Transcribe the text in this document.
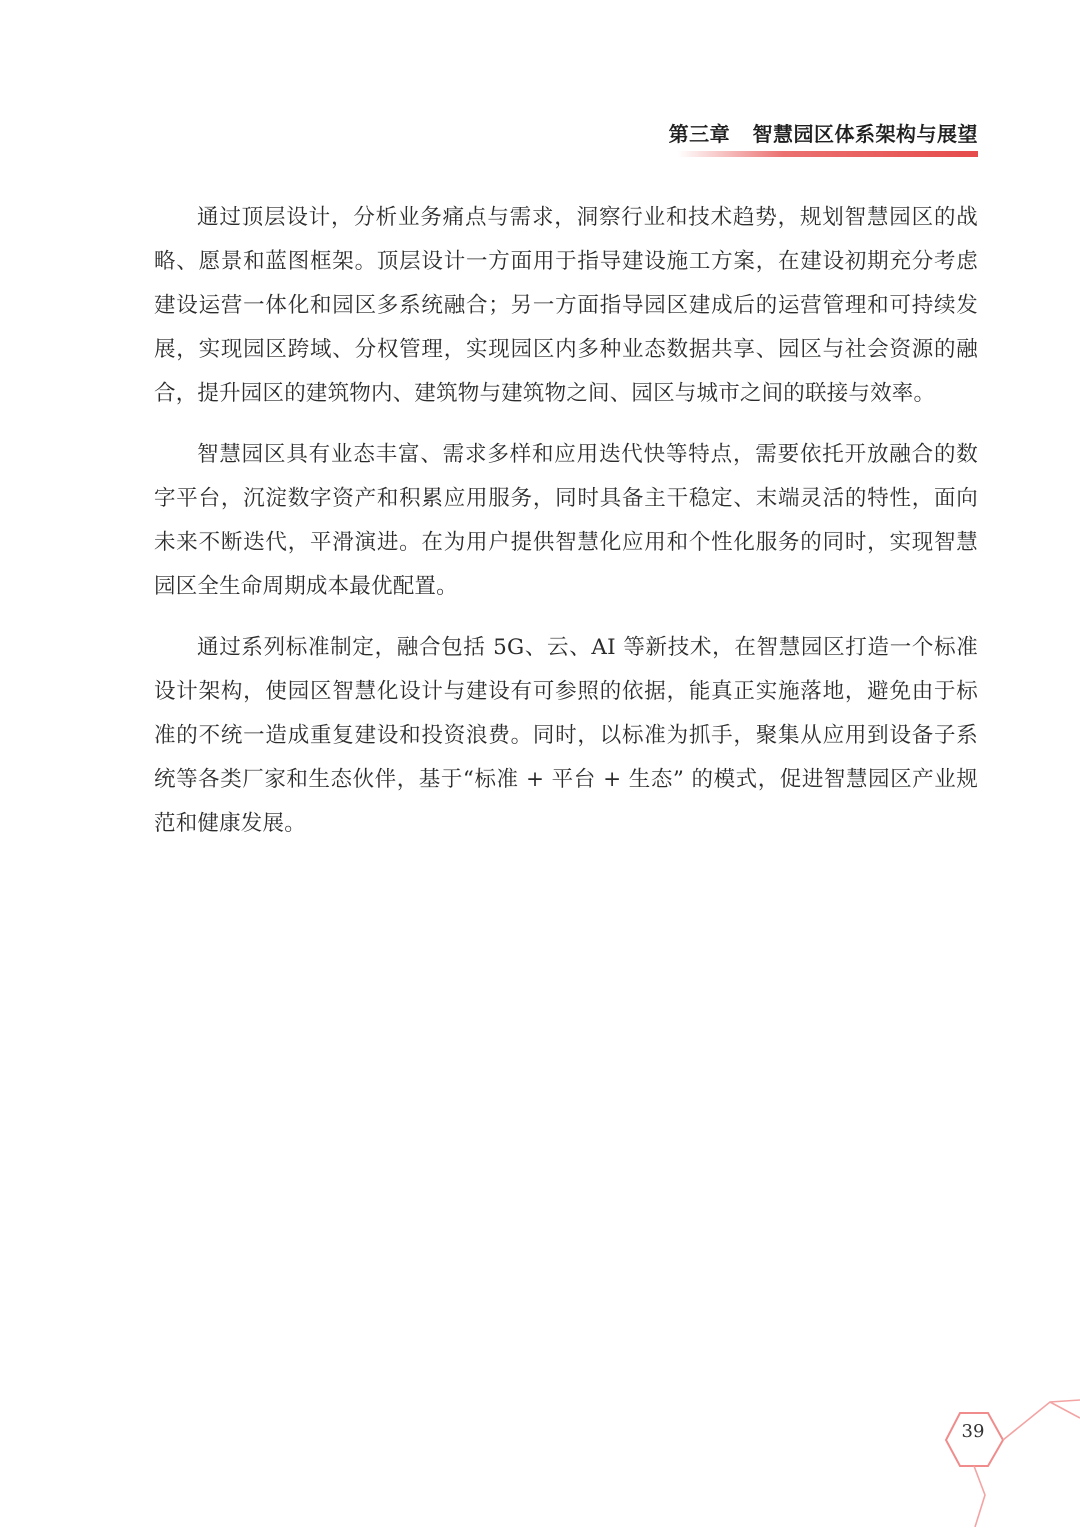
第三章   智慧园区体系架构与展望

通过顶层设计，分析业务痛点与需求，洞察行业和技术趋势，规划智慧园区的战略、愿景和蓝图框架。顶层设计一方面用于指导建设施工方案，在建设初期充分考虑建设运营一体化和园区多系统融合；另一方面指导园区建成后的运营管理和可持续发展，实现园区跨域、分权管理，实现园区内多种业态数据共享、园区与社会资源的融合，提升园区的建筑物内、建筑物与建筑物之间、园区与城市之间的联接与效率。

智慧园区具有业态丰富、需求多样和应用迭代快等特点，需要依托开放融合的数字平台，沉淀数字资产和积累应用服务，同时具备主干稳定、末端灵活的特性，面向未来不断迭代，平滑演进。在为用户提供智慧化应用和个性化服务的同时，实现智慧园区全生命周期成本最优配置。

通过系列标准制定，融合包括 5G、云、AI 等新技术，在智慧园区打造一个标准设计架构，使园区智慧化设计与建设有可参照的依据，能真正实施落地，避免由于标准的不统一造成重复建设和投资浪费。同时，以标准为抓手，聚集从应用到设备子系统等各类厂家和生态伙伴，基于“标准 + 平台 + 生态” 的模式，促进智慧园区产业规范和健康发展。

39
